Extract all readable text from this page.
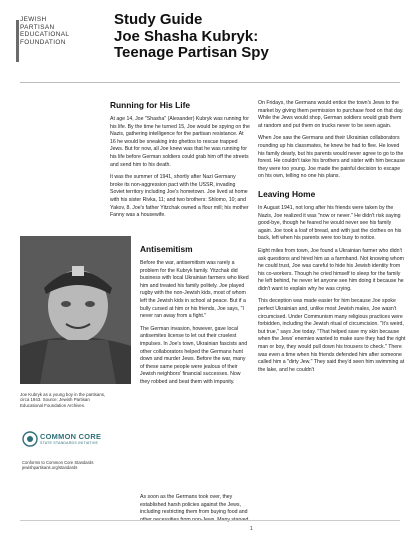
JEWISH
PARTISAN
EDUCATIONAL
FOUNDATION
Study Guide
Joe Shasha Kubryk:
Teenage Partisan Spy
Running for His Life

At age 14, Joe "Shasha" (Alexander) Kubryk was running for his life. By the time he turned 15, Joe would be spying on the Nazis, gathering intelligence for the partisan resistance. At 16 he would be sneaking into ghettos to rescue trapped Jews. But for now, all Joe knew was that he was running for his life before German soldiers could grab him off the streets and send him to his death.

It was the summer of 1941, shortly after Nazi Germany broke its non-aggression pact with the USSR, invading Soviet territory including Joe's hometown. Joe lived at home with his sister Rivka, 11; and two brothers: Shlomo, 10; and Yakov, 8. Joe's father Yitzchak owned a flour mill; his mother Fanny was a housewife.

Antisemitism

Before the war, antisemitism was rarely a problem for the Kubryk family. Yitzchak did business with local Ukrainian farmers who liked him and treated his family politely. Joe played rugby with the non-Jewish kids, most of whom left the Jewish kids in school at peace. But if a bully cursed at him or his friends, Joe says, "I never ran away from a fight."

The German invasion, however, gave local antisemites license to let out their cruelest impulses. In Joe's town, Ukrainian fascists and other collaborators helped the Germans hunt down and murder Jews. Before the war, many of these same people were jealous of their Jewish neighbors' financial successes. Now they robbed and beat them with impunity.

As soon as the Germans took over, they established harsh policies against the Jews, including restricting them from buying food and

Joe Kubryk as a young boy in the partisans, circa 1943. Source: Jewish Partisan Educational Foundation Archives.
COMMON CORE
STATE STANDARDS INITIATIVE
Conforms to Common Core Standards jewishpartisans.org/standards

On Fridays, the Germans would entice the town's Jews to the market by giving them permission to purchase food on that day. While the Jews would shop, German soldiers would grab them at random and put them on trucks never to be seen again.

When Joe saw the Germans and their Ukrainian collaborators rounding up his classmates, he knew he had to flee. He loved his family dearly, but his parents would never agree to go to the forest. He couldn't take his brothers and sister with him because they were too young. Joe made the painful decision to escape on his own, telling no one his plans.

Leaving Home

In August 1941, not long after his friends were taken by the Nazis, Joe realized it was "now or never." He didn't risk saying good-bye, though he feared he would never see his family again. Joe took a loaf of bread, and with just the clothes on his back, left when his parents were too busy to notice.

Eight miles from town, Joe found a Ukrainian farmer who didn't ask questions and hired him as a farmhand. Not knowing whom he could trust, Joe was careful to hide his Jewish identity from his co-workers. Though he cried himself to sleep for the family he left behind, he never let anyone see him doing it because he didn't want to explain why he was crying.

This deception was made easier for him because Joe spoke perfect Ukrainian and, unlike most Jewish males, Joe wasn't circumcised. Under Communism many religious practices were forbidden, including the Jewish ritual of circumcision. "It's weird, but true," says Joe today. "That helped save my skin because when the Jews' enemies wanted to make sure they had the right man or boy, they would pull down his trousers to check." There was even a time when his friends defended him after someone called him a "dirty Jew." They said they'd seen him swimming at the lake, and he couldn't

1
